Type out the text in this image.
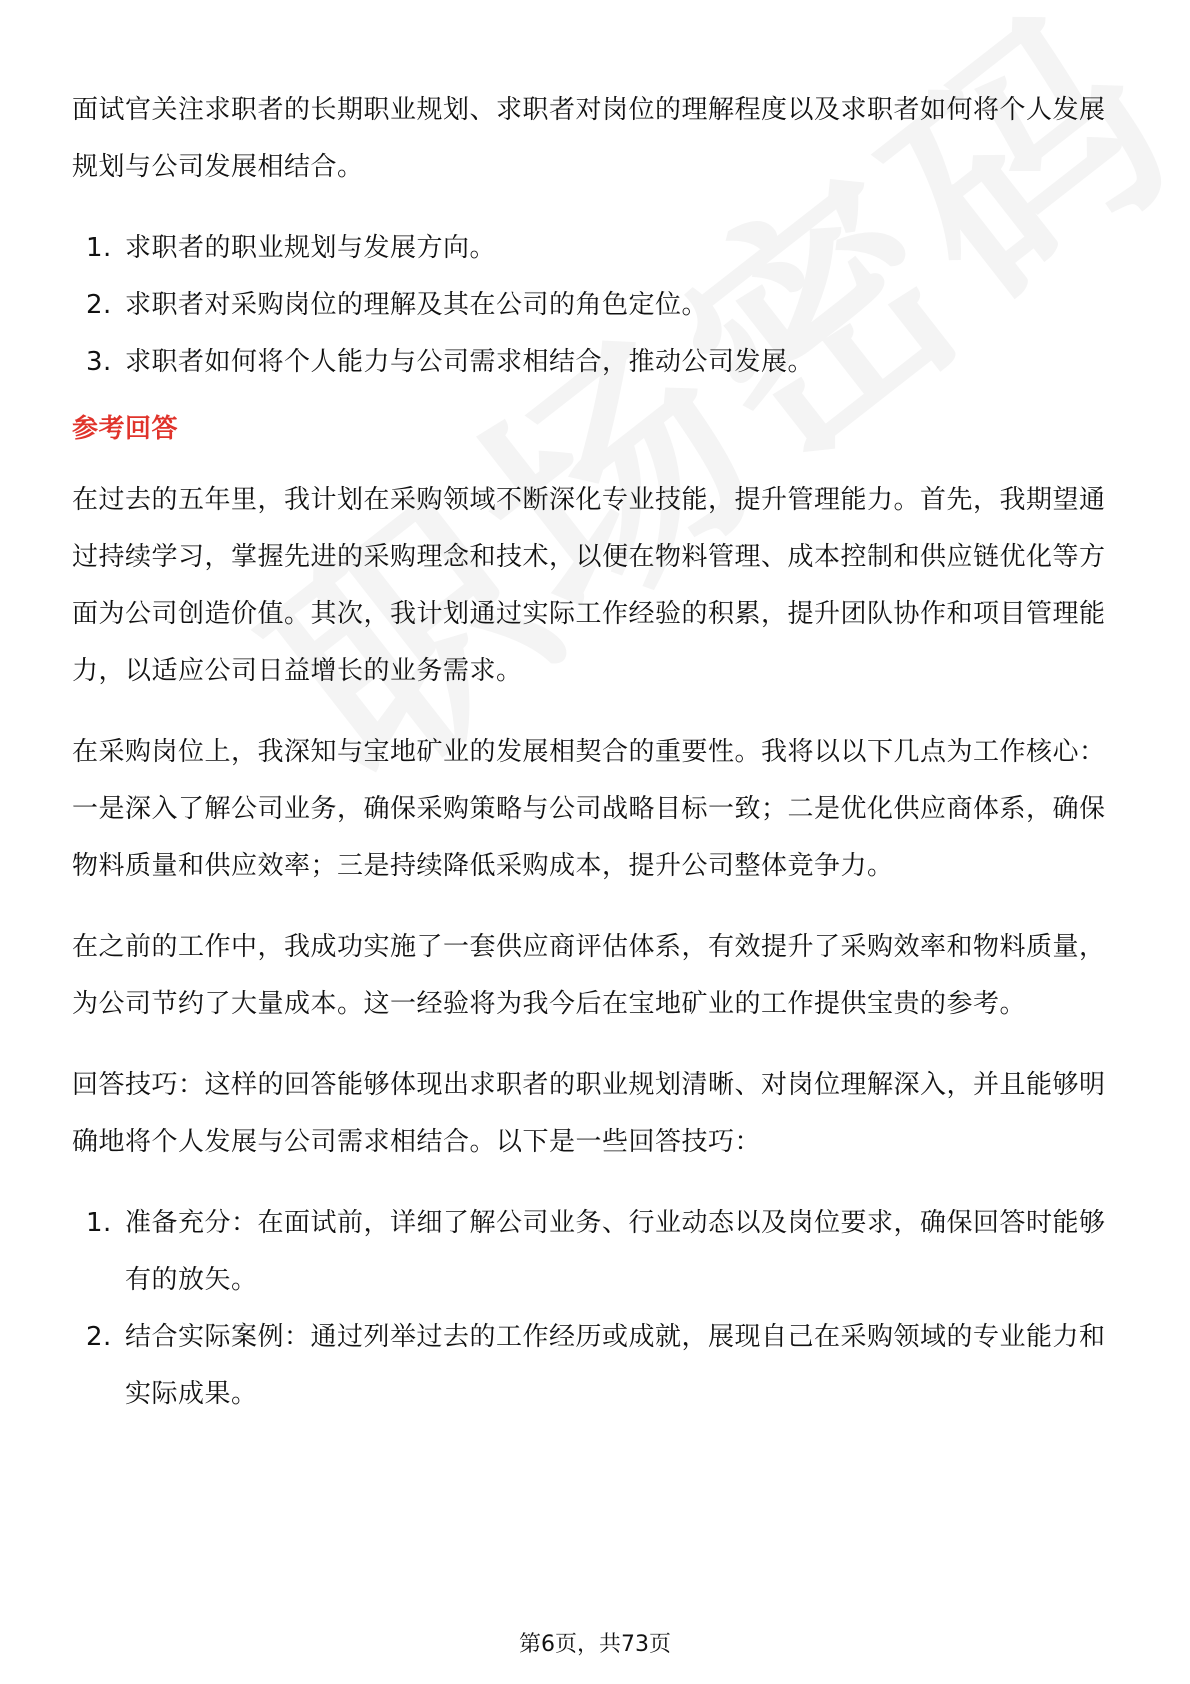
面试官关注求职者的长期职业规划、求职者对岗位的理解程度以及求职者如何将个人发展规划与公司发展相结合。

1. 求职者的职业规划与发展方向。
2. 求职者对采购岗位的理解及其在公司的角色定位。
3. 求职者如何将个人能力与公司需求相结合，推动公司发展。
参考回答

在过去的五年里，我计划在采购领域不断深化专业技能，提升管理能力。首先，我期望通过持续学习，掌握先进的采购理念和技术，以便在物料管理、成本控制和供应链优化等方面为公司创造价值。其次，我计划通过实际工作经验的积累，提升团队协作和项目管理能力，以适应公司日益增长的业务需求。

在采购岗位上，我深知与宝地矿业的发展相契合的重要性。我将以以下几点为工作核心：一是深入了解公司业务，确保采购策略与公司战略目标一致；二是优化供应商体系，确保物料质量和供应效率；三是持续降低采购成本，提升公司整体竞争力。

在之前的工作中，我成功实施了一套供应商评估体系，有效提升了采购效率和物料质量，为公司节约了大量成本。这一经验将为我今后在宝地矿业的工作提供宝贵的参考。

回答技巧：这样的回答能够体现出求职者的职业规划清晰、对岗位理解深入，并且能够明确地将个人发展与公司需求相结合。以下是一些回答技巧：

1. 准备充分：在面试前，详细了解公司业务、行业动态以及岗位要求，确保回答时能够有的放矢。
2. 结合实际案例：通过列举过去的工作经历或成就，展现自己在采购领域的专业能力和实际成果。
第6页，共73页
